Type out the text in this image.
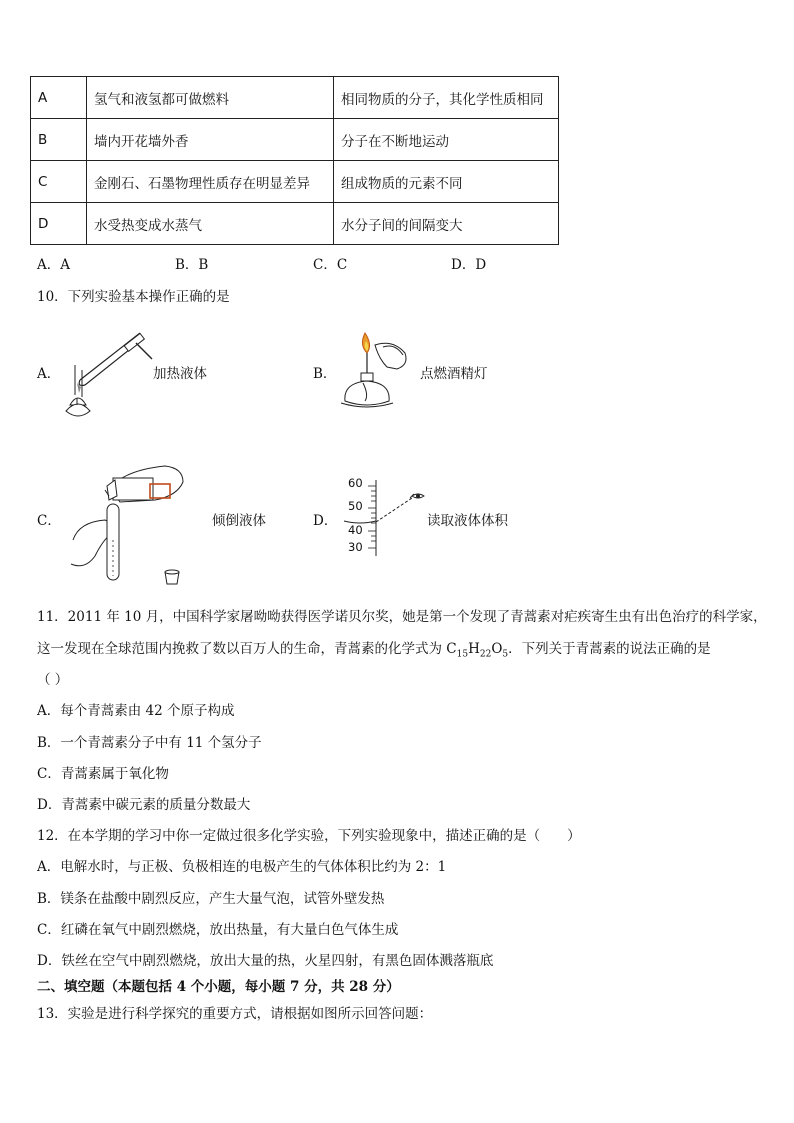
A	氢气和液氢都可做燃料	相同物质的分子，其化学性质相同
B	墙内开花墙外香	分子在不断地运动
C	金刚石、石墨物理性质存在明显差异	组成物质的元素不同
D	水受热变成水蒸气	水分子间的间隔变大
A．A	B．B	C．C	D．D
10．下列实验基本操作正确的是
A．	加热液体	B．	点燃酒精灯
C．	倾倒液体	D．
60
50
40
30
读取液体体积
11．2011 年 10 月，中国科学家屠呦呦获得医学诺贝尔奖，她是第一个发现了青蒿素对疟疾寄生虫有出色治疗的科学家，
这一发现在全球范围内挽救了数以百万人的生命，青蒿素的化学式为 $C_{15}H_{22}O_5$．下列关于青蒿素的说法正确的是
（ ）
A．每个青蒿素由 42 个原子构成
B．一个青蒿素分子中有 11 个氢分子
C．青蒿素属于氧化物
D．青蒿素中碳元素的质量分数最大
12．在本学期的学习中你一定做过很多化学实验，下列实验现象中，描述正确的是（　　）
A．电解水时，与正极、负极相连的电极产生的气体体积比约为 2：1
B．镁条在盐酸中剧烈反应，产生大量气泡，试管外壁发热
C．红磷在氧气中剧烈燃烧，放出热量，有大量白色气体生成
D．铁丝在空气中剧烈燃烧，放出大量的热，火星四射，有黑色固体溅落瓶底
二、填空题（本题包括 4 个小题，每小题 7 分，共 28 分）
13．实验是进行科学探究的重要方式，请根据如图所示回答问题：
